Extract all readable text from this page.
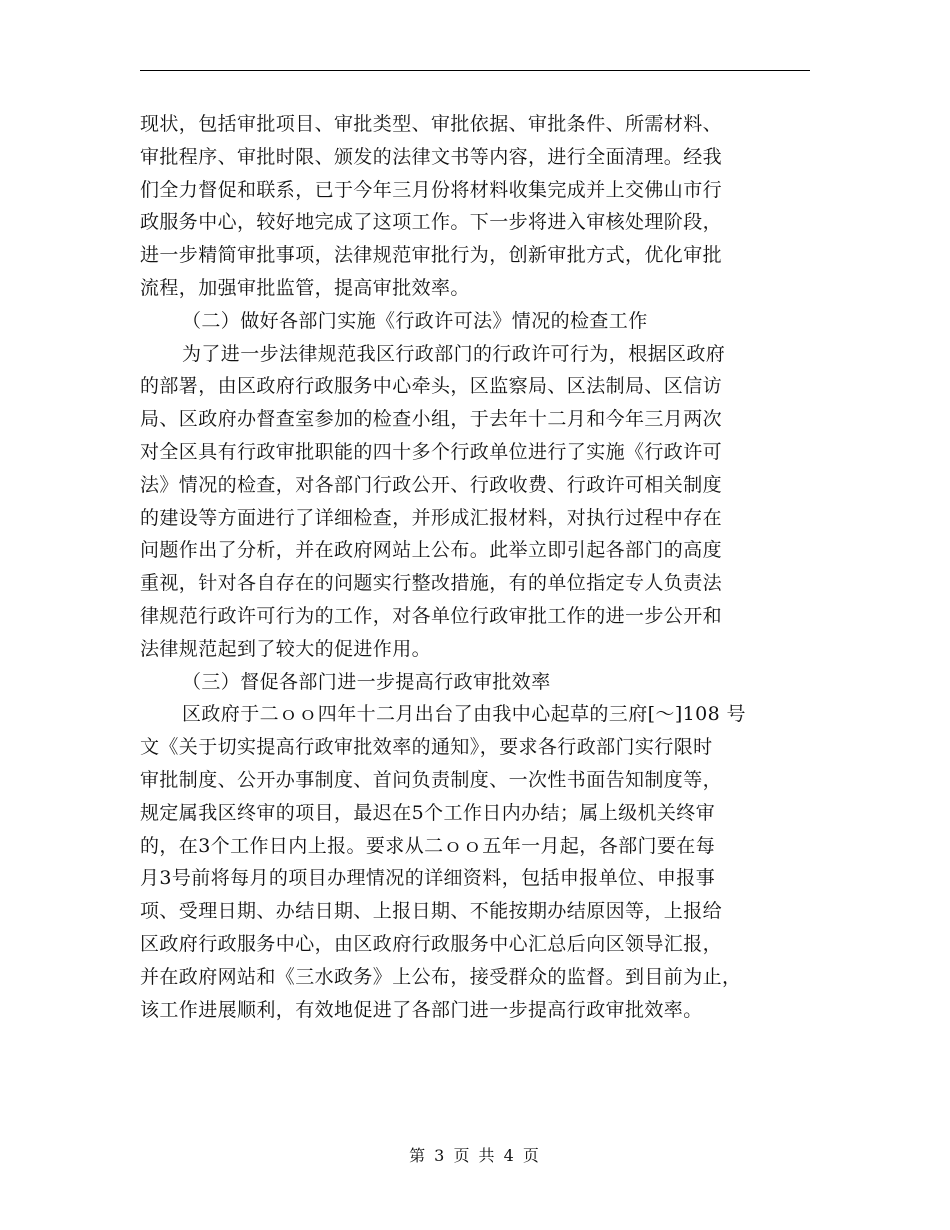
现状，包括审批项目、审批类型、审批依据、审批条件、所需材料、
审批程序、审批时限、颁发的法律文书等内容，进行全面清理。经我
们全力督促和联系，已于今年三月份将材料收集完成并上交佛山市行
政服务中心，较好地完成了这项工作。下一步将进入审核处理阶段，
进一步精简审批事项，法律规范审批行为，创新审批方式，优化审批
流程，加强审批监管，提高审批效率。
（二）做好各部门实施《行政许可法》情况的检查工作
为了进一步法律规范我区行政部门的行政许可行为，根据区政府
的部署，由区政府行政服务中心牵头，区监察局、区法制局、区信访
局、区政府办督查室参加的检查小组，于去年十二月和今年三月两次
对全区具有行政审批职能的四十多个行政单位进行了实施《行政许可
法》情况的检查，对各部门行政公开、行政收费、行政许可相关制度
的建设等方面进行了详细检查，并形成汇报材料，对执行过程中存在
问题作出了分析，并在政府网站上公布。此举立即引起各部门的高度
重视，针对各自存在的问题实行整改措施，有的单位指定专人负责法
律规范行政许可行为的工作，对各单位行政审批工作的进一步公开和
法律规范起到了较大的促进作用。
（三）督促各部门进一步提高行政审批效率
区政府于二ｏｏ四年十二月出台了由我中心起草的三府[～]108 号
文《关于切实提高行政审批效率的通知》，要求各行政部门实行限时
审批制度、公开办事制度、首问负责制度、一次性书面告知制度等，
规定属我区终审的项目，最迟在5个工作日内办结；属上级机关终审
的，在3个工作日内上报。要求从二ｏｏ五年一月起，各部门要在每
月3号前将每月的项目办理情况的详细资料，包括申报单位、申报事
项、受理日期、办结日期、上报日期、不能按期办结原因等，上报给
区政府行政服务中心，由区政府行政服务中心汇总后向区领导汇报，
并在政府网站和《三水政务》上公布，接受群众的监督。到目前为止，
该工作进展顺利，有效地促进了各部门进一步提高行政审批效率。
第 3 页 共 4 页
